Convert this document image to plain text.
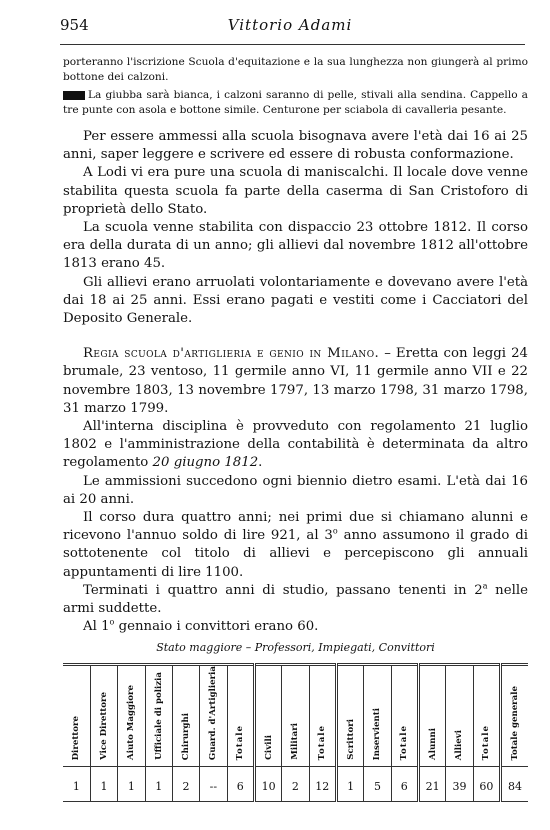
954	Vittorio Adami

porteranno l'iscrizione Scuola d'equitazione e la sua lunghezza non giungerà al primo bottone dei calzoni.

La giubba sarà bianca, i calzoni saranno di pelle, stivali alla sendina. Cappello a tre punte con asola e bottone simile. Centurone per sciabola di cavalleria pesante.

Per essere ammessi alla scuola bisognava avere l'età dai 16 ai 25 anni, saper leggere e scrivere ed essere di robusta conformazione.

A Lodi vi era pure una scuola di maniscalchi. Il locale dove venne stabilita questa scuola fa parte della caserma di San Cristoforo di proprietà dello Stato.

La scuola venne stabilita con dispaccio 23 ottobre 1812. Il corso era della durata di un anno; gli allievi dal novembre 1812 all'ottobre 1813 erano 45.

Gli allievi erano arruolati volontariamente e dovevano avere l'età dai 18 ai 25 anni. Essi erano pagati e vestiti come i Cacciatori del Deposito Generale.

Regia scuola d'artiglieria e genio in Milano. – Eretta con leggi 24 brumale, 23 ventoso, 11 germile anno VI, 11 germile anno VII e 22 novembre 1803, 13 novembre 1797, 13 marzo 1798, 31 marzo 1798, 31 marzo 1799.

All'interna disciplina è provveduto con regolamento 21 luglio 1802 e l'amministrazione della contabilità è determinata da altro regolamento 20 giugno 1812.

Le ammissioni succedono ogni biennio dietro esami. L'età dai 16 ai 20 anni.

Il corso dura quattro anni; nei primi due si chiamano alunni e ricevono l'annuo soldo di lire 921, al 3$^o$ anno assumono il grado di sottotenente col titolo di allievi e percepiscono gli annuali appuntamenti di lire 1100.

Terminati i quattro anni di studio, passano tenenti in 2$^a$ nelle armi suddette.

Al 1$^o$ gennaio i convittori erano 60.

Stato maggiore – Professori, Impiegati, Convittori
Direttore	Vice Direttore	Aiuto Maggiore	Ufficiale di polizia	Chirurghi	Guard. d'Artiglieria	Totale	Civili	Militari	Totale	Scrittori	Inservienti	Totale	Alunni	Allievi	Totale	Totale generale

1	1	1	1	2	--	6	10	2	12	1	5	6	21	39	60	84
